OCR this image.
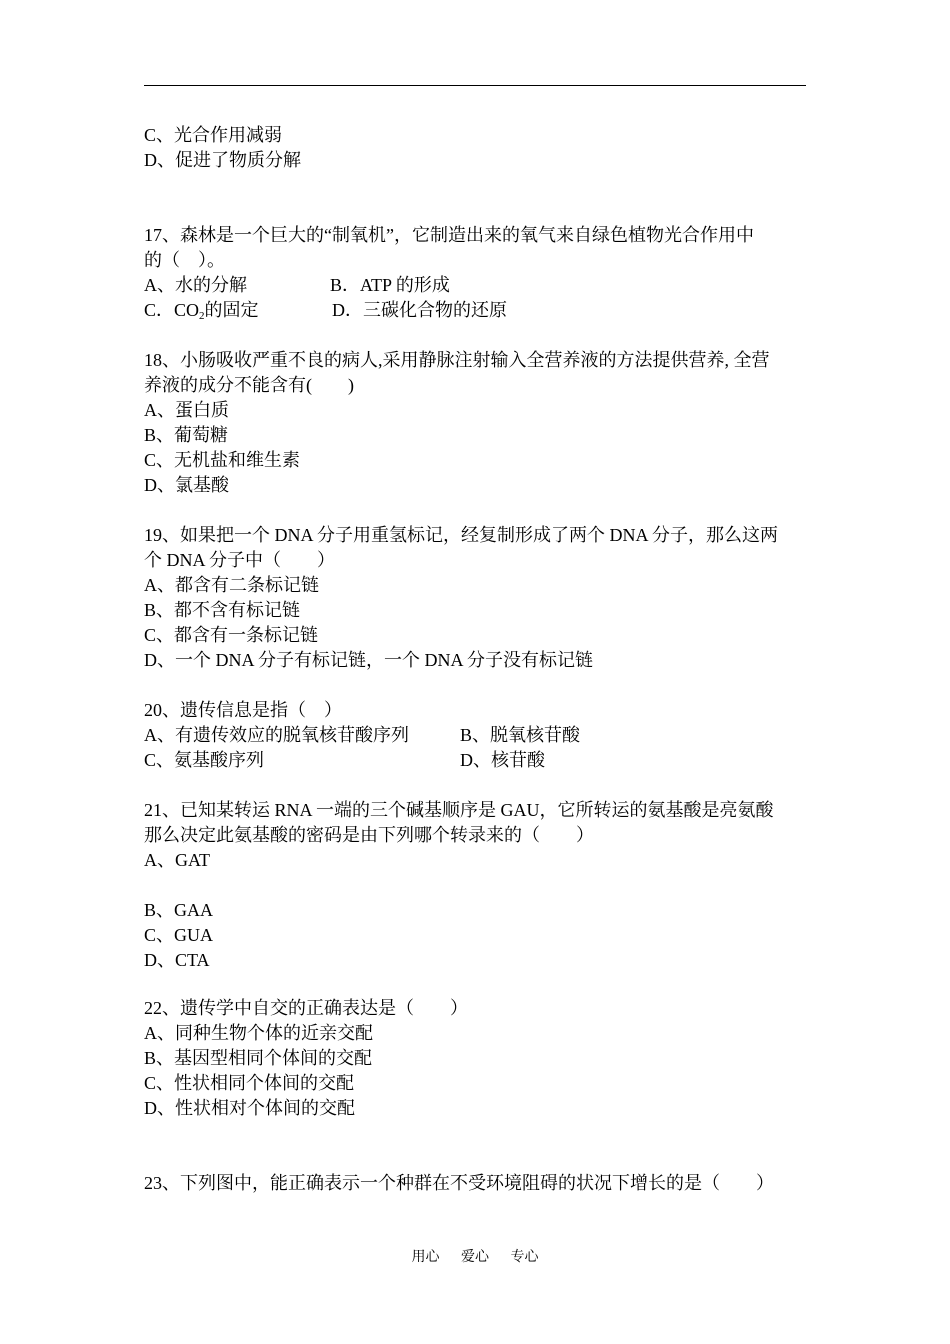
C、光合作用减弱
D、促进了物质分解
17、森林是一个巨大的“制氧机”，它制造出来的氧气来自绿色植物光合作用中
的（　）。
A、水的分解	B．ATP 的形成
C．$CO_2$的固定	D．三碳化合物的还原
18、小肠吸收严重不良的病人,采用静脉注射输入全营养液的方法提供营养, 全营
养液的成分不能含有(　　)
A、蛋白质
B、葡萄糖
C、无机盐和维生素
D、氯基酸
19、如果把一个 DNA 分子用重氢标记，经复制形成了两个 DNA 分子，那么这两
个 DNA 分子中（　　）
A、都含有二条标记链
B、都不含有标记链
C、都含有一条标记链
D、一个 DNA 分子有标记链，一个 DNA 分子没有标记链
20、遗传信息是指（　）
A、有遗传效应的脱氧核苷酸序列	B、脱氧核苷酸
C、氨基酸序列	D、核苷酸
21、已知某转运 RNA 一端的三个碱基顺序是 GAU，它所转运的氨基酸是亮氨酸
那么决定此氨基酸的密码是由下列哪个转录来的（　　）
A、GAT
B、GAA
C、GUA
D、CTA
22、遗传学中自交的正确表达是（　　）
A、同种生物个体的近亲交配
B、基因型相同个体间的交配
C、性状相同个体间的交配
D、性状相对个体间的交配
23、下列图中，能正确表示一个种群在不受环境阻碍的状况下增长的是（　　）
用心 爱心 专心
